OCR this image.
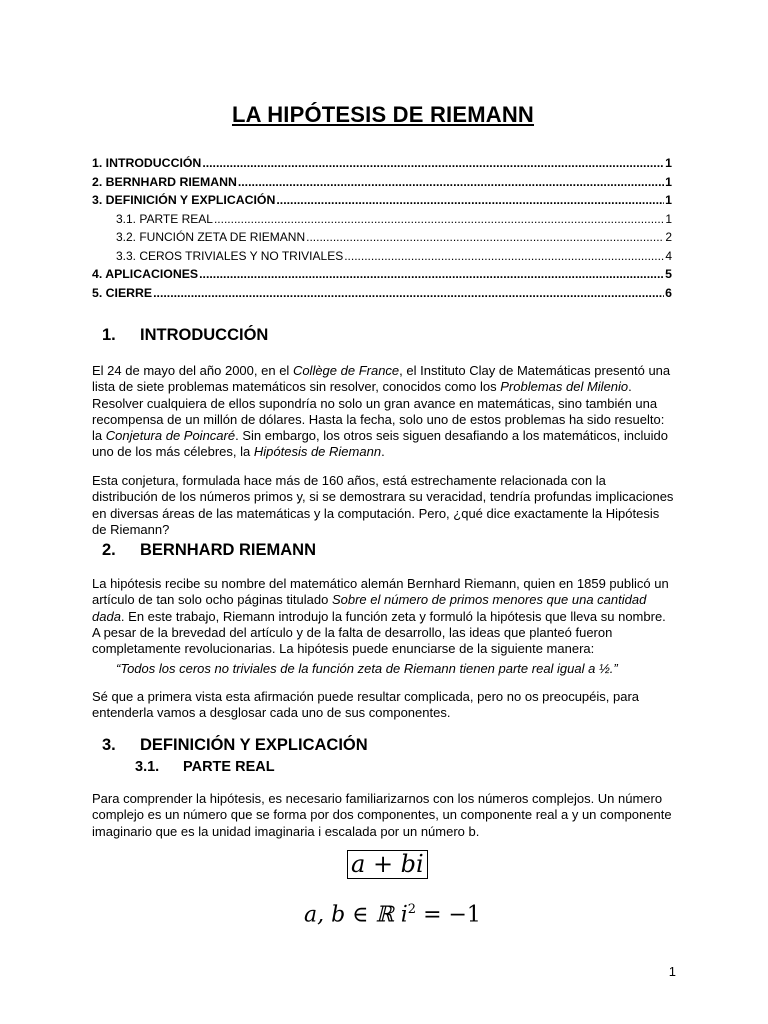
LA HIPÓTESIS DE RIEMANN
1. INTRODUCCIÓN .....	1
2. BERNHARD RIEMANN .....	1
3. DEFINICIÓN Y EXPLICACIÓN .....	1
3.1. PARTE REAL .....	1
3.2. FUNCIÓN ZETA DE RIEMANN .....	2
3.3. CEROS TRIVIALES Y NO TRIVIALES .....	4
4. APLICACIONES .....	5
5. CIERRE .....	6
1.	INTRODUCCIÓN

El 24 de mayo del año 2000, en el Collège de France, el Instituto Clay de Matemáticas presentó una lista de siete problemas matemáticos sin resolver, conocidos como los Problemas del Milenio. Resolver cualquiera de ellos supondría no solo un gran avance en matemáticas, sino también una recompensa de un millón de dólares. Hasta la fecha, solo uno de estos problemas ha sido resuelto: la Conjetura de Poincaré. Sin embargo, los otros seis siguen desafiando a los matemáticos, incluido uno de los más célebres, la Hipótesis de Riemann.

Esta conjetura, formulada hace más de 160 años, está estrechamente relacionada con la distribución de los números primos y, si se demostrara su veracidad, tendría profundas implicaciones en diversas áreas de las matemáticas y la computación. Pero, ¿qué dice exactamente la Hipótesis de Riemann?

2.	BERNHARD RIEMANN

La hipótesis recibe su nombre del matemático alemán Bernhard Riemann, quien en 1859 publicó un artículo de tan solo ocho páginas titulado Sobre el número de primos menores que una cantidad dada. En este trabajo, Riemann introdujo la función zeta y formuló la hipótesis que lleva su nombre. A pesar de la brevedad del artículo y de la falta de desarrollo, las ideas que planteó fueron completamente revolucionarias. La hipótesis puede enunciarse de la siguiente manera:

“Todos los ceros no triviales de la función zeta de Riemann tienen parte real igual a ½.”

Sé que a primera vista esta afirmación puede resultar complicada, pero no os preocupéis, para entenderla vamos a desglosar cada uno de sus componentes.

3.	DEFINICIÓN Y EXPLICACIÓN
3.1.	PARTE REAL

Para comprender la hipótesis, es necesario familiarizarnos con los números complejos. Un número complejo es un número que se forma por dos componentes, un componente real a y un componente imaginario que es la unidad imaginaria i escalada por un número b.

a + bi
a, b ∈ ℝ $i^2 = -1$
1
